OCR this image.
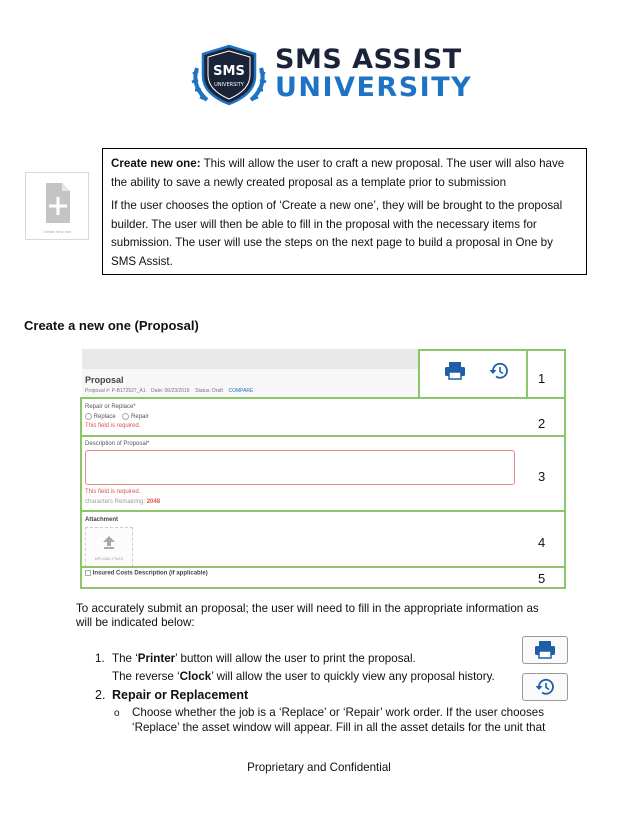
SMS
UNIVERSITY
SMS ASSIST
UNIVERSITY
Create new one

Create new one: This will allow the user to craft a new proposal. The user will also have the ability to save a newly created proposal as a template prior to submission

If the user chooses the option of ‘Create a new one’, they will be brought to the proposal builder. The user will then be able to fill in the proposal with the necessary items for submission. The user will use the steps on the next page to build a proposal in One by SMS Assist.

Create a new one (Proposal)
Proposal
Proposal #: P-B172527_A1 Date: 06/23/2016 Status: Draft COMPARE
1
Repair or Replace*
Replace	Repair
This field is required.	2
Description of Proposal*
This field is required.
characters Remaining: 2048
3
Attachment
UPLOAD FILES
4
Insured Costs Description (if applicable)	5
To accurately submit an proposal; the user will need to fill in the appropriate information as
will be indicated below:
1. The ‘Printer’ button will allow the user to print the proposal.
The reverse ‘Clock’ will allow the user to quickly view any proposal history.
2. Repair or Replacement
o Choose whether the job is a ‘Replace’ or ‘Repair’ work order. If the user chooses
‘Replace’ the asset window will appear. Fill in all the asset details for the unit that
Proprietary and Confidential
